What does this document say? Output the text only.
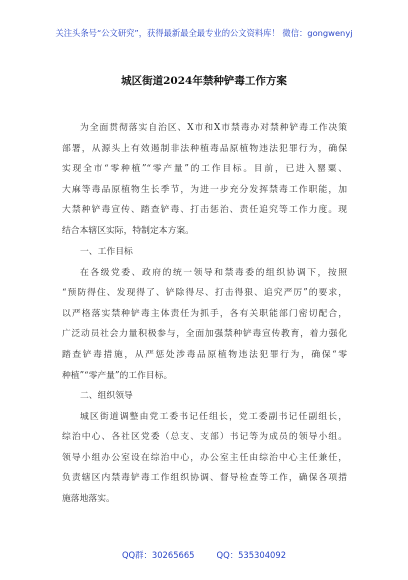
关注头条号“公文研究”，获得最新最全最专业的公文资料库！ 微信：gongwenyj
城区街道2024年禁种铲毒工作方案
为全面贯彻落实自治区、X市和X市禁毒办对禁种铲毒工作决策
部署，从源头上有效遏制非法种植毒品原植物违法犯罪行为，确保
实现全市“零种植”“零产量”的工作目标。目前，已进入罂粟、
大麻等毒品原植物生长季节，为进一步充分发挥禁毒工作职能，加
大禁种铲毒宣传、踏查铲毒、打击惩治、责任追究等工作力度。现
结合本辖区实际，特制定本方案。
一、工作目标
在各级党委、政府的统一领导和禁毒委的组织协调下，按照
“预防得住、发现得了、铲除得尽、打击得狠、追究严厉”的要求，
以严格落实禁种铲毒主体责任为抓手，各有关职能部门密切配合，
广泛动员社会力量积极参与，全面加强禁种铲毒宣传教育，着力强化
踏查铲毒措施，从严惩处涉毒品原植物违法犯罪行为，确保“零
种植”“零产量”的工作目标。
二、组织领导
城区街道调整由党工委书记任组长，党工委副书记任副组长，
综治中心、各社区党委（总支、支部）书记等为成员的领导小组。
领导小组办公室设在综治中心，办公室主任由综治中心主任兼任，
负责辖区内禁毒铲毒工作组织协调、督导检查等工作，确保各项措
施落地落实。
QQ群：30265665	QQ：535304092
